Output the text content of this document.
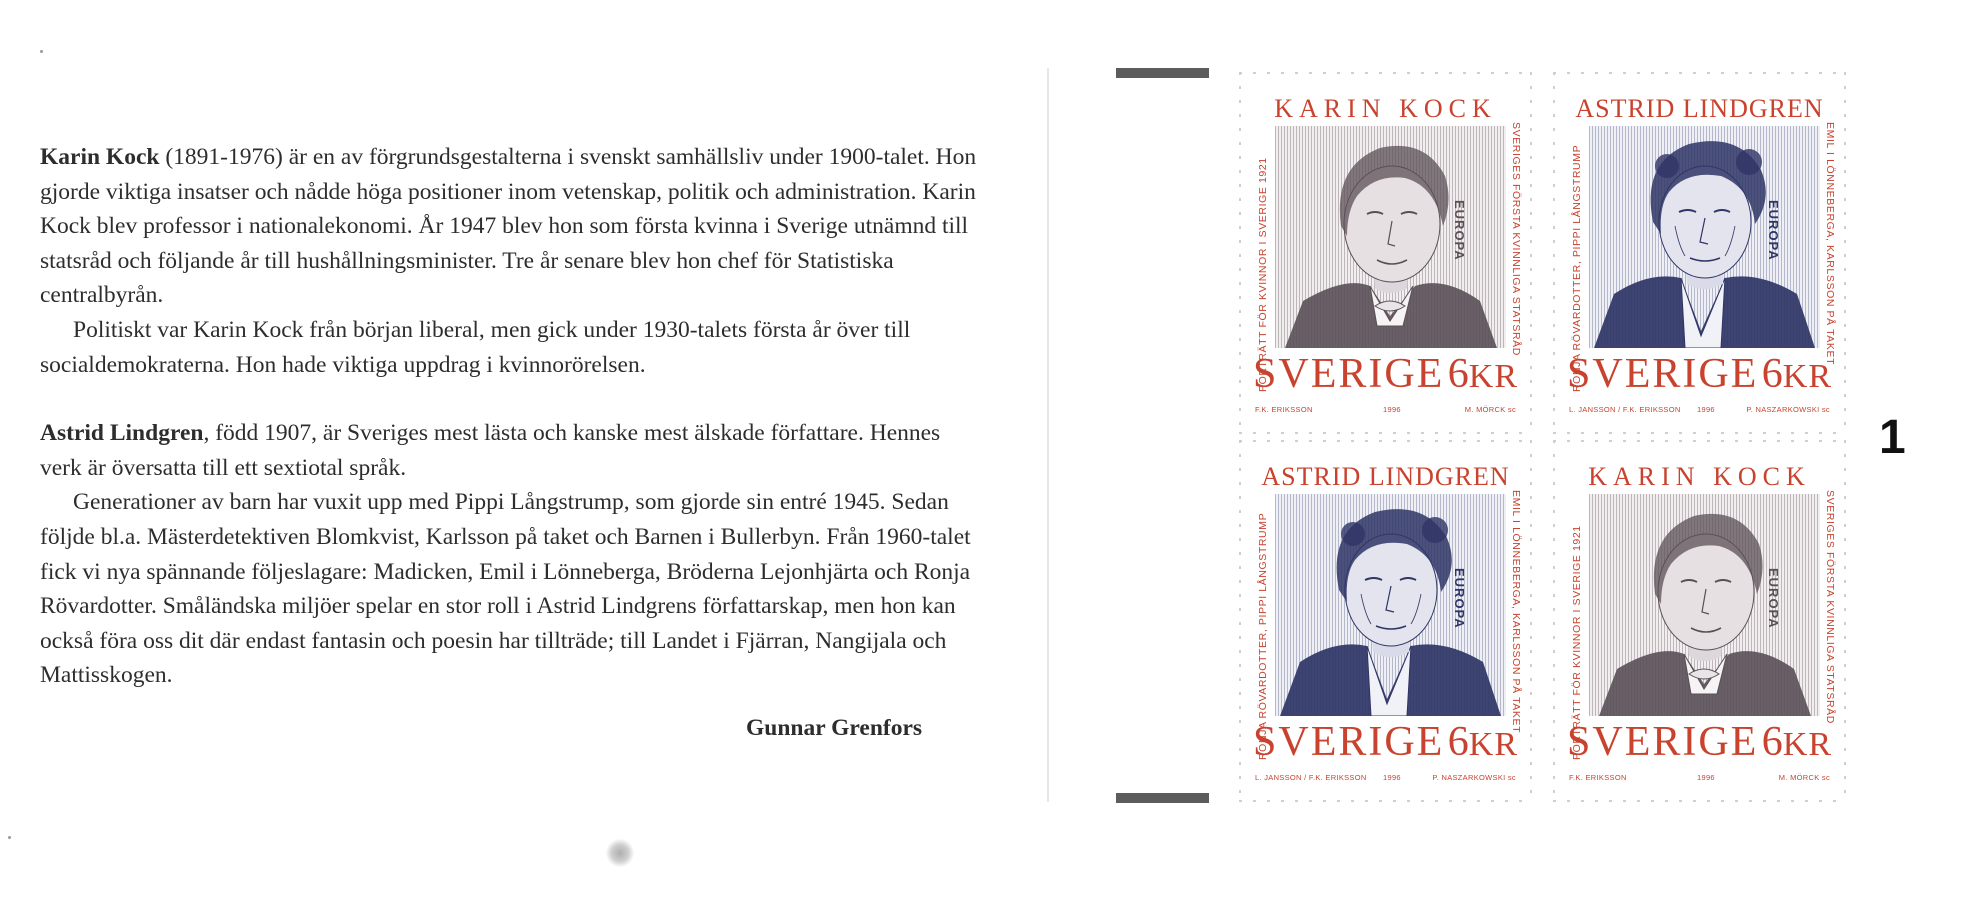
Karin Kock (1891-1976) är en av förgrundsgestalterna i svenskt samhällsliv under 1900-talet. Hon gjorde viktiga insatser och nådde höga positioner inom vetenskap, politik och administration. Karin Kock blev professor i nationalekonomi. År 1947 blev hon som första kvinna i Sverige utnämnd till statsråd och följande år till hushållningsminister. Tre år senare blev hon chef för Statistiska centralbyrån.

Politiskt var Karin Kock från början liberal, men gick under 1930-talets första år över till socialdemokraterna. Hon hade viktiga uppdrag i kvinnorörelsen.

Astrid Lindgren, född 1907, är Sveriges mest lästa och kanske mest älskade författare. Hennes verk är översatta till ett sextiotal språk.

Generationer av barn har vuxit upp med Pippi Långstrump, som gjorde sin entré 1945. Sedan följde bl.a. Mästerdetektiven Blomkvist, Karlsson på taket och Barnen i Bullerbyn. Från 1960-talet fick vi nya spännande följeslagare: Madicken, Emil i Lönneberga, Bröderna Lejonhjärta och Ronja Rövardotter. Småländska miljöer spelar en stor roll i Astrid Lindgrens författarskap, men hon kan också föra oss dit där endast fantasin och poesin har tillträde; till Landet i Fjärran, Nangijala och Mattisskogen.

Gunnar Grenfors
1
KARIN KOCK
PORTRÄTT FÖR KVINNOR I SVERIGE 1921	SVERIGES FÖRSTA KVINNLIGA STATSRÅD
EUROPA
SVERIGE 6KR
F.K. ERIKSSON	1996	M. MÖRCK sc
ASTRID LINDGREN
RONJA RÖVARDOTTER, PIPPI LÅNGSTRUMP	EMIL I LÖNNEBERGA, KARLSSON PÅ TAKET
EUROPA
SVERIGE 6KR
L. JANSSON / F.K. ERIKSSON 1996	P. NASZARKOWSKI sc
ASTRID LINDGREN
RONJA RÖVARDOTTER, PIPPI LÅNGSTRUMP	EMIL I LÖNNEBERGA, KARLSSON PÅ TAKET
EUROPA
SVERIGE 6KR
L. JANSSON / F.K. ERIKSSON 1996	P. NASZARKOWSKI sc
KARIN KOCK
PORTRÄTT FÖR KVINNOR I SVERIGE 1921	SVERIGES FÖRSTA KVINNLIGA STATSRÅD
EUROPA
SVERIGE 6KR
F.K. ERIKSSON	1996	M. MÖRCK sc
